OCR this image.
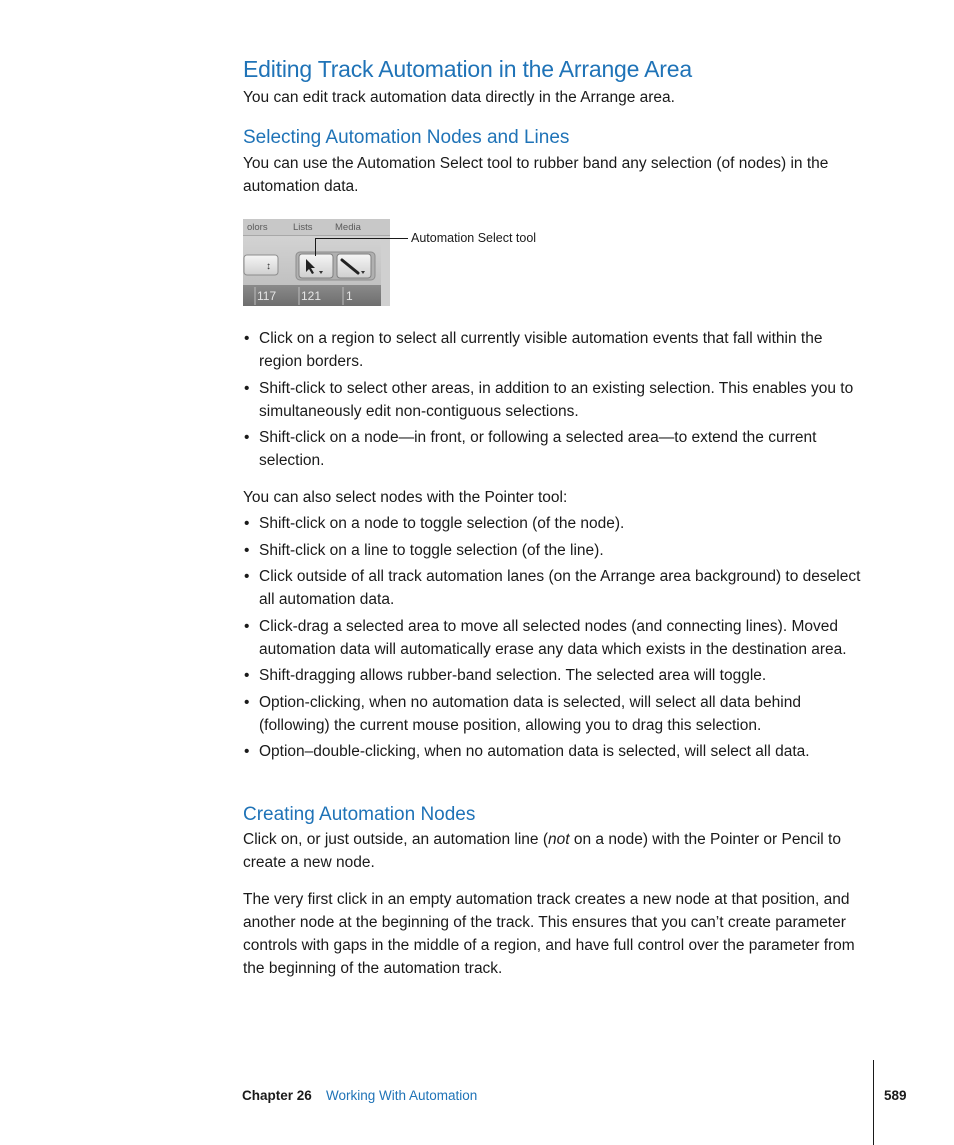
Editing Track Automation in the Arrange Area
You can edit track automation data directly in the Arrange area.
Selecting Automation Nodes and Lines
You can use the Automation Select tool to rubber band any selection (of nodes) in the automation data.
olors	Lists Media
↕
117 121 1
Automation Select tool
• Click on a region to select all currently visible automation events that fall within the region borders.
• Shift-click to select other areas, in addition to an existing selection. This enables you to simultaneously edit non-contiguous selections.
• Shift-click on a node—in front, or following a selected area—to extend the current selection.
You can also select nodes with the Pointer tool:
• Shift-click on a node to toggle selection (of the node).
• Shift-click on a line to toggle selection (of the line).
• Click outside of all track automation lanes (on the Arrange area background) to deselect all automation data.
• Click-drag a selected area to move all selected nodes (and connecting lines). Moved automation data will automatically erase any data which exists in the destination area.
• Shift-dragging allows rubber-band selection. The selected area will toggle.
• Option-clicking, when no automation data is selected, will select all data behind (following) the current mouse position, allowing you to drag this selection.
• Option–double-clicking, when no automation data is selected, will select all data.
Creating Automation Nodes
Click on, or just outside, an automation line (not on a node) with the Pointer or Pencil to create a new node.
The very first click in an empty automation track creates a new node at that position, and another node at the beginning of the track. This ensures that you can’t create parameter controls with gaps in the middle of a region, and have full control over the parameter from the beginning of the automation track.
Chapter 26 Working With Automation	589
